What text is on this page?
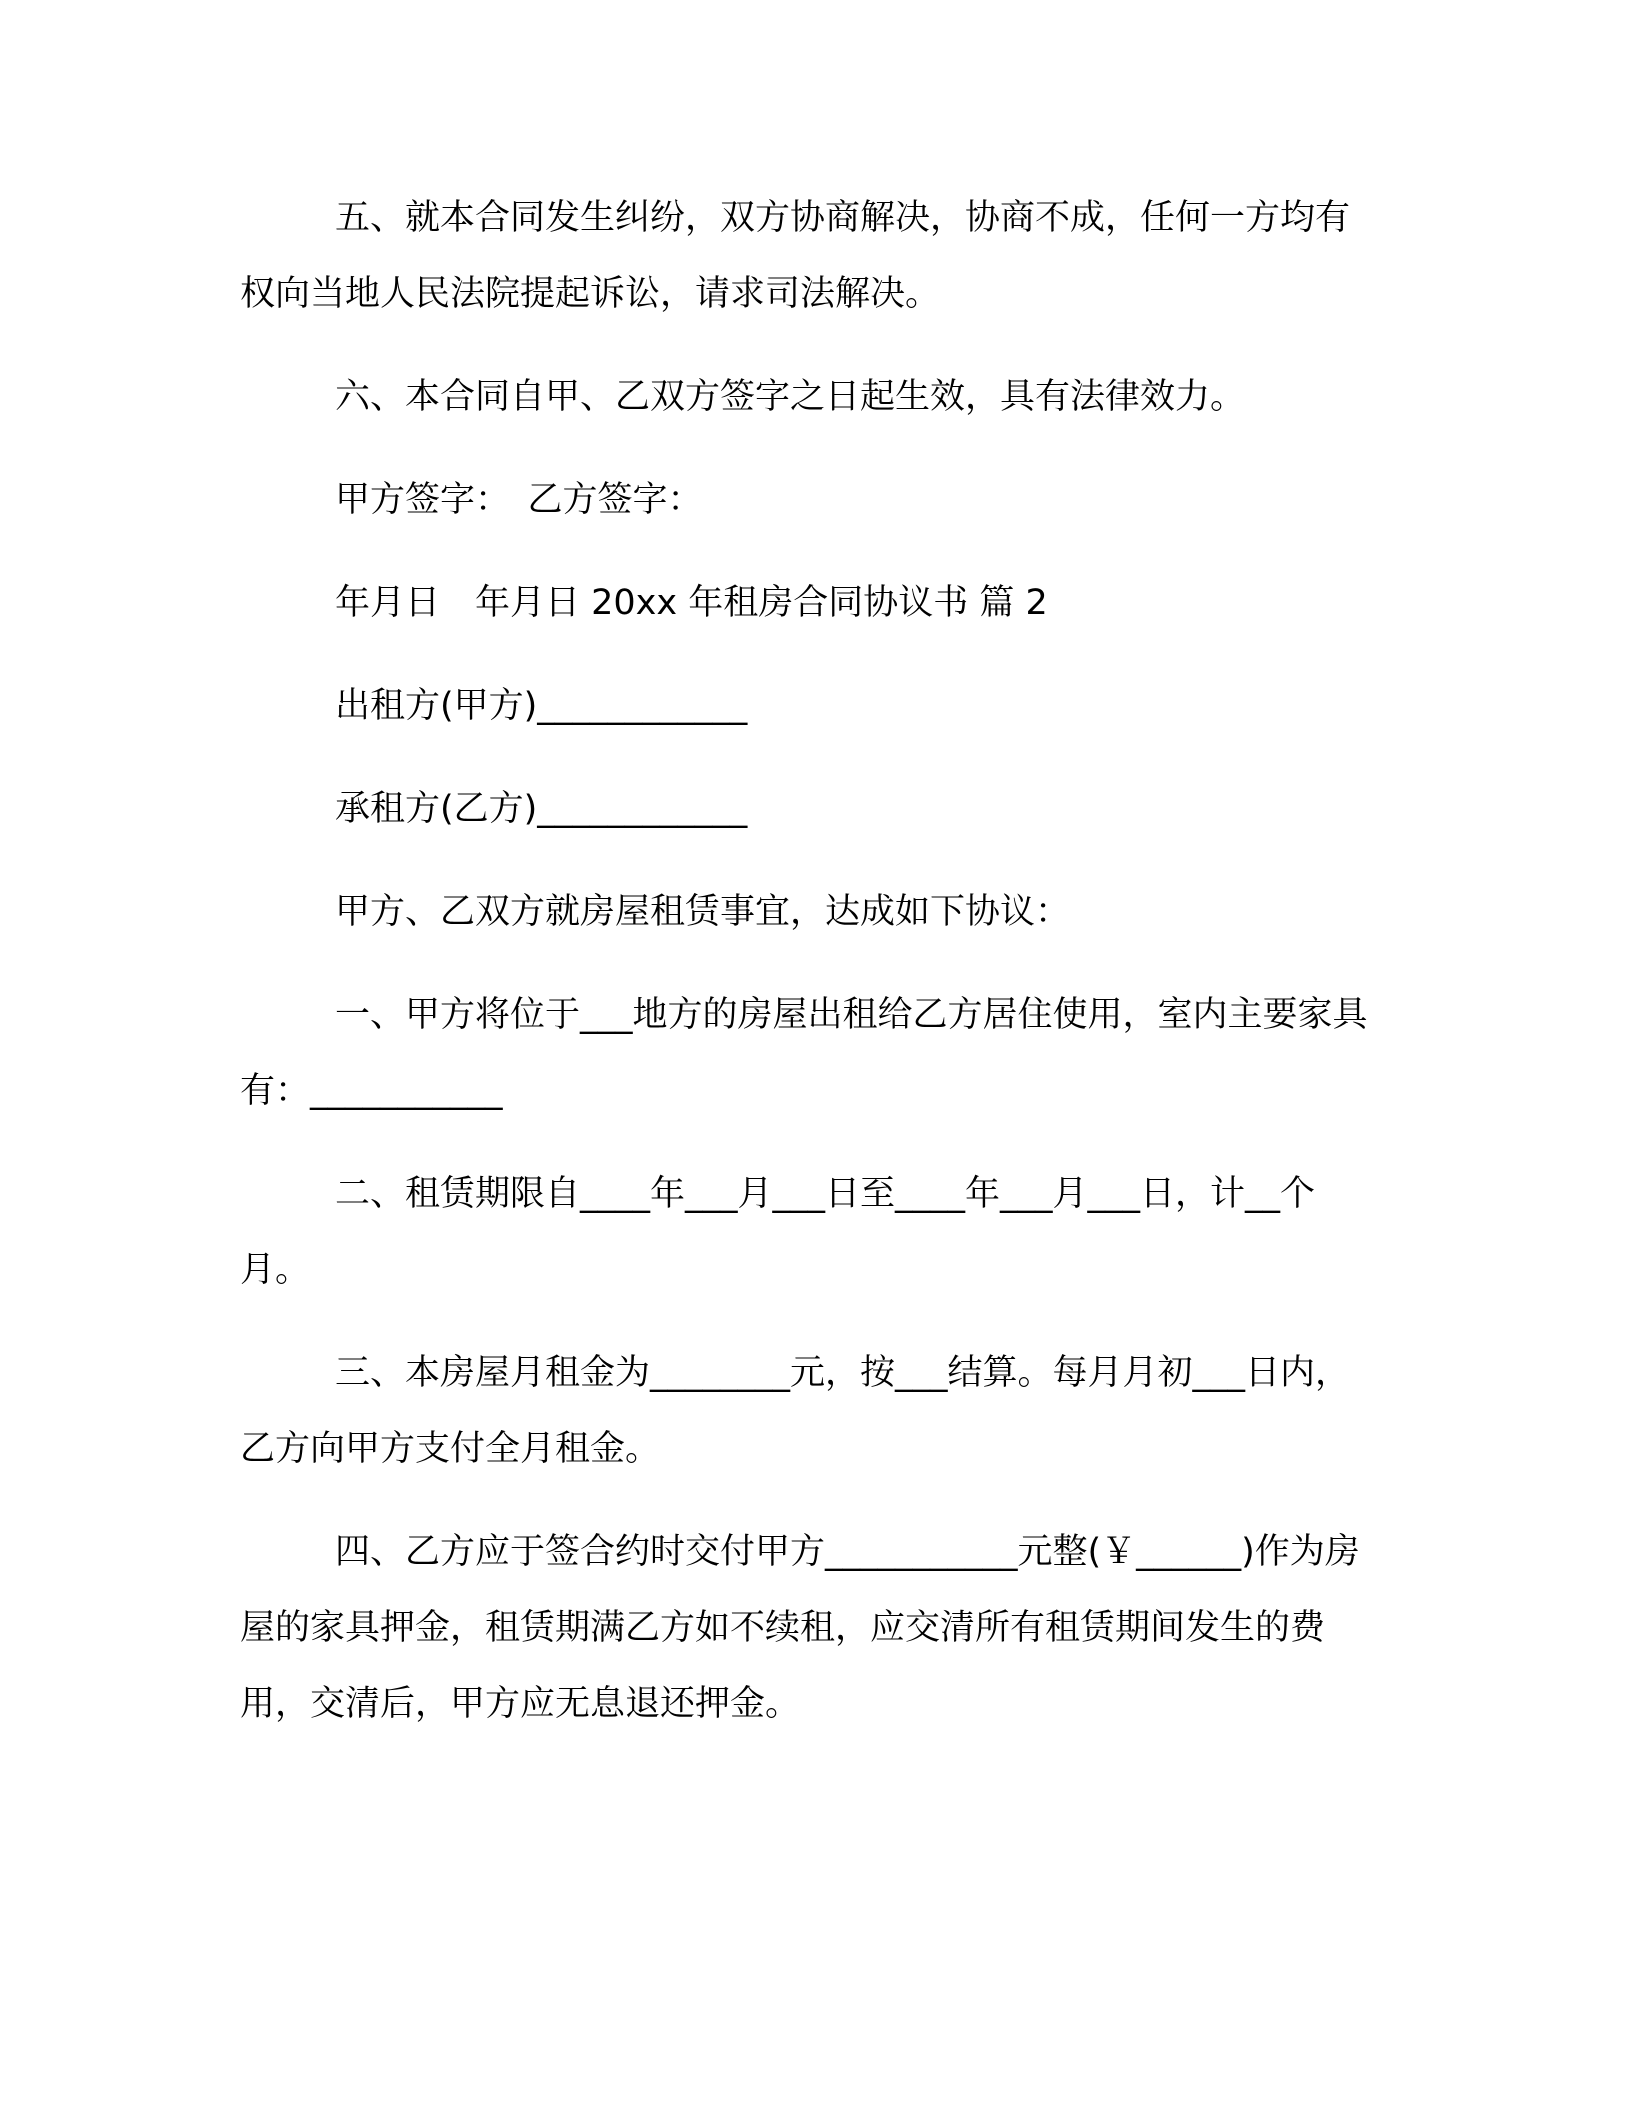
五、就本合同发生纠纷，双方协商解决，协商不成，任何一方均有权向当地人民法院提起诉讼，请求司法解决。

六、本合同自甲、乙双方签字之日起生效，具有法律效力。

甲方签字：　乙方签字：

年月日　年月日 20xx 年租房合同协议书 篇 2

出租方(甲方)____________

承租方(乙方)____________

甲方、乙双方就房屋租赁事宜，达成如下协议：

一、甲方将位于___地方的房屋出租给乙方居住使用，室内主要家具有：___________

二、租赁期限自____年___月___日至____年___月___日，计__个月。

三、本房屋月租金为________元，按___结算。每月月初___日内，乙方向甲方支付全月租金。

四、乙方应于签合约时交付甲方___________元整(￥______)作为房屋的家具押金，租赁期满乙方如不续租，应交清所有租赁期间发生的费用，交清后，甲方应无息退还押金。
